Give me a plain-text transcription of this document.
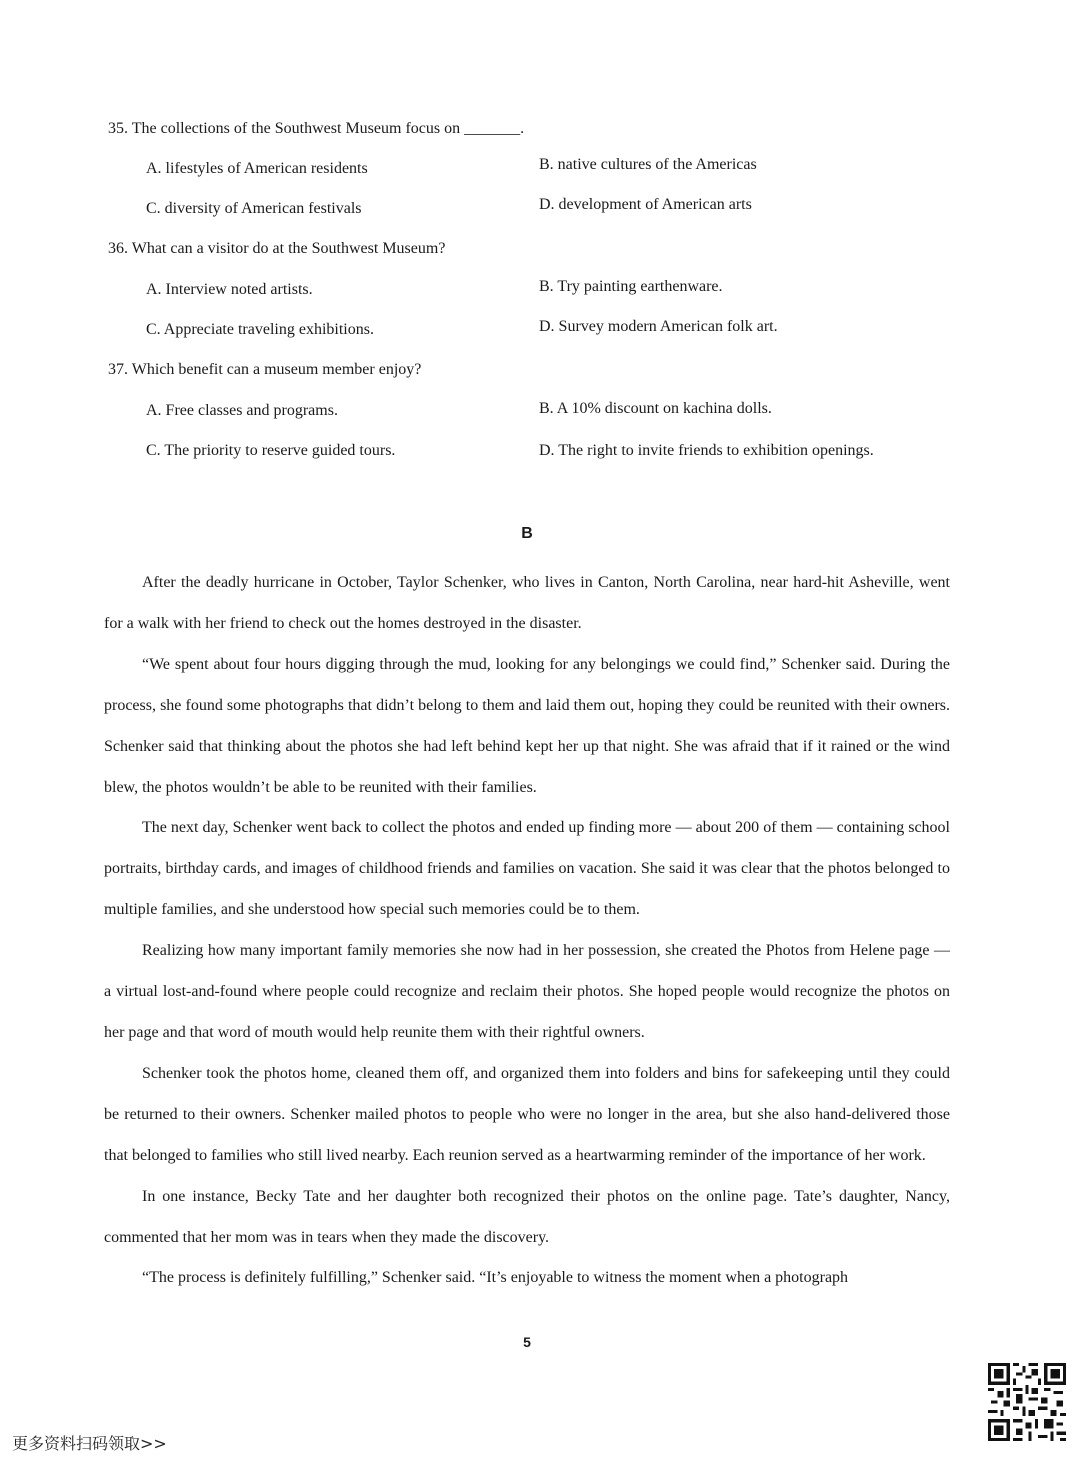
35. The collections of the Southwest Museum focus on _______.
A. lifestyles of American residents	B. native cultures of the Americas
C. diversity of American festivals	D. development of American arts
36. What can a visitor do at the Southwest Museum?
A. Interview noted artists.	B. Try painting earthenware.
C. Appreciate traveling exhibitions.	D. Survey modern American folk art.
37. Which benefit can a museum member enjoy?
A. Free classes and programs.	B. A 10% discount on kachina dolls.
C. The priority to reserve guided tours.	D. The right to invite friends to exhibition openings.
B

After the deadly hurricane in October, Taylor Schenker, who lives in Canton, North Carolina, near hard-hit Asheville, went for a walk with her friend to check out the homes destroyed in the disaster.

“We spent about four hours digging through the mud, looking for any belongings we could find,” Schenker said. During the process, she found some photographs that didn’t belong to them and laid them out, hoping they could be reunited with their owners. Schenker said that thinking about the photos she had left behind kept her up that night. She was afraid that if it rained or the wind blew, the photos wouldn’t be able to be reunited with their families.

The next day, Schenker went back to collect the photos and ended up finding more — about 200 of them — containing school portraits, birthday cards, and images of childhood friends and families on vacation. She said it was clear that the photos belonged to multiple families, and she understood how special such memories could be to them.

Realizing how many important family memories she now had in her possession, she created the Photos from Helene page — a virtual lost-and-found where people could recognize and reclaim their photos. She hoped people would recognize the photos on her page and that word of mouth would help reunite them with their rightful owners.

Schenker took the photos home, cleaned them off, and organized them into folders and bins for safekeeping until they could be returned to their owners. Schenker mailed photos to people who were no longer in the area, but she also hand-delivered those that belonged to families who still lived nearby. Each reunion served as a heartwarming reminder of the importance of her work.

In one instance, Becky Tate and her daughter both recognized their photos on the online page. Tate’s daughter, Nancy, commented that her mom was in tears when they made the discovery.

“The process is definitely fulfilling,” Schenker said. “It’s enjoyable to witness the moment when a photograph

5
更多资料扫码领取>>
